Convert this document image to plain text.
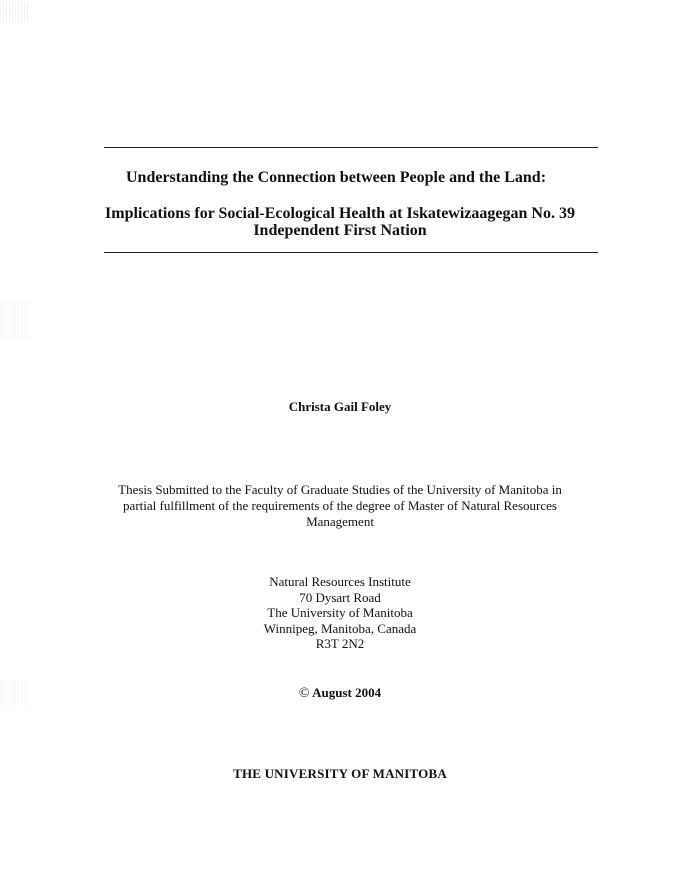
Understanding the Connection between People and the Land:
Implications for Social-Ecological Health at Iskatewizaagegan No. 39
Independent First Nation
Christa Gail Foley
Thesis Submitted to the Faculty of Graduate Studies of the University of Manitoba in
partial fulfillment of the requirements of the degree of Master of Natural Resources
Management
Natural Resources Institute
70 Dysart Road
The University of Manitoba
Winnipeg, Manitoba, Canada
R3T 2N2
© August 2004
THE UNIVERSITY OF MANITOBA
